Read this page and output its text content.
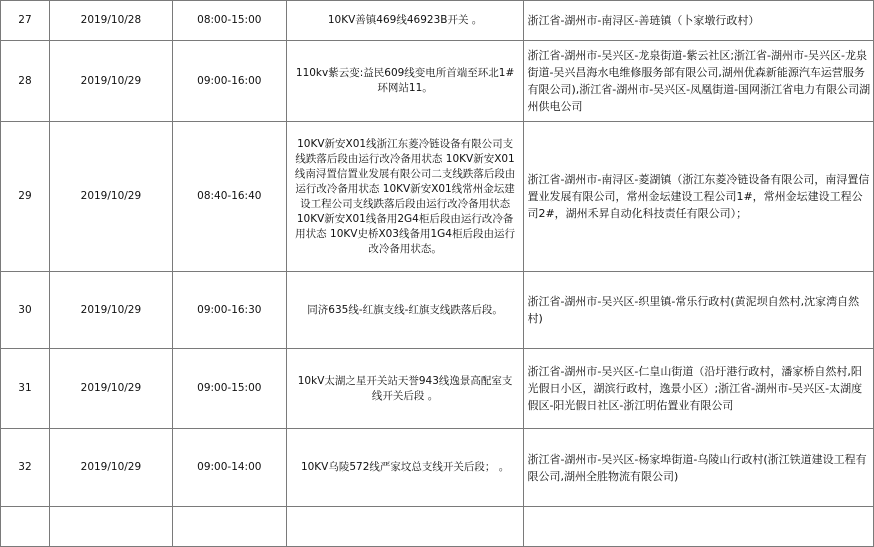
27	2019/10/28	08:00-15:00	10KV善镇469线46923B开关 。	浙江省-湖州市-南浔区-善琏镇（卜家墩行政村）
28	2019/10/29	09:00-16:00	110kv紫云变:益民609线变电所首端至环北1#环网站11。	浙江省-湖州市-吴兴区-龙泉街道-紫云社区;浙江省-湖州市-吴兴区-龙泉街道-吴兴昌海水电维修服务部有限公司,湖州优森新能源汽车运营服务有限公司),浙江省-湖州市-吴兴区-凤凰街道-国网浙江省电力有限公司湖州供电公司
29	2019/10/29	08:40-16:40	10KV新安X01线浙江东菱冷链设备有限公司支线跌落后段由运行改冷备用状态 10KV新安X01线南浔置信置业发展有限公司二支线跌落后段由运行改冷备用状态 10KV新安X01线常州金坛建设工程公司支线跌落后段由运行改冷备用状态 10KV新安X01线备用2G4柜后段由运行改冷备用状态 10KV史桥X03线备用1G4柜后段由运行改冷备用状态。	浙江省-湖州市-南浔区-菱湖镇（浙江东菱冷链设备有限公司，南浔置信置业发展有限公司，常州金坛建设工程公司1#，常州金坛建设工程公司2#，湖州禾昇自动化科技责任有限公司）；
30	2019/10/29	09:00-16:30	同济635线-红旗支线-红旗支线跌落后段。	浙江省-湖州市-吴兴区-织里镇-常乐行政村(黄泥坝自然村,沈家湾自然村)
31	2019/10/29	09:00-15:00	10kV太湖之星开关站天誉943线逸景高配室支线开关后段 。	浙江省-湖州市-吴兴区-仁皇山街道（沿圩港行政村，潘家桥自然村,阳光假日小区，湖滨行政村，逸景小区）;浙江省-湖州市-吴兴区-太湖度假区-阳光假日社区-浙江明佑置业有限公司
32	2019/10/29	09:00-14:00	10KV乌陵572线严家坟总支线开关后段； 。	浙江省-湖州市-吴兴区-杨家埠街道-乌陵山行政村(浙江铁道建设工程有限公司,湖州全胜物流有限公司)
